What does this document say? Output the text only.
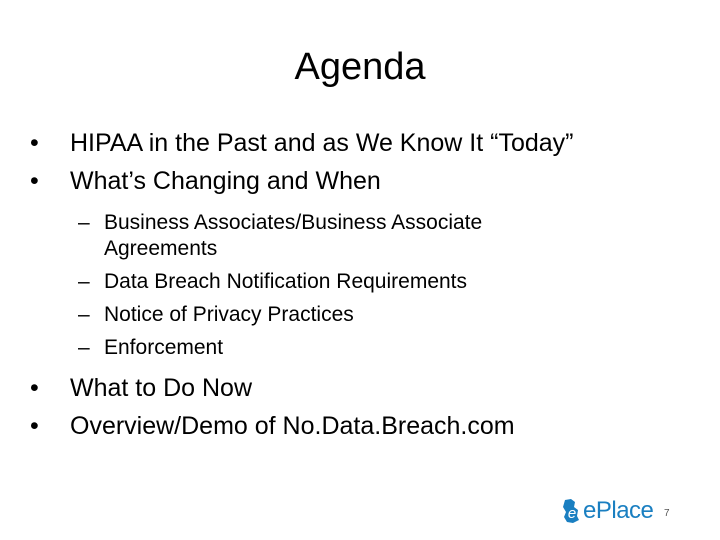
Agenda
• HIPAA in the Past and as We Know It “Today”
• What’s Changing and When
– Business Associates/Business Associate
Agreements
– Data Breach Notification Requirements
– Notice of Privacy Practices
– Enforcement
• What to Do Now
• Overview/Demo of No.Data.Breach.com
e ePlace 7
